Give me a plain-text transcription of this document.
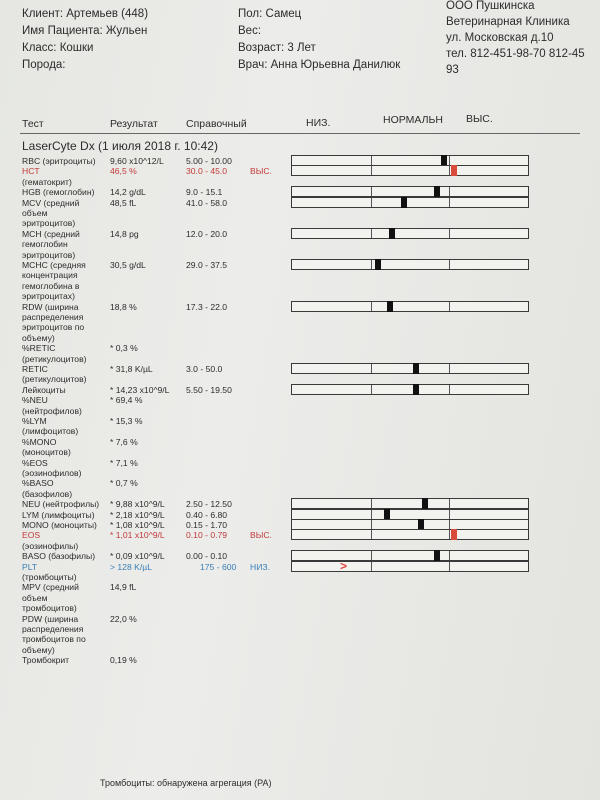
Клиент: Артемьев (448)
Имя Пациента: Жульен
Класс: Кошки
Порода:
Пол: Самец
Вес:
Возраст: 3 Лет
Врач: Анна Юрьевна Данилюк
ООО Пушкинска
Ветеринарная Клиника
ул. Московская д.10
тел. 812-451-98-70 812-45
93
Тест	Результат	Справочный	НИЗ.	НОРМАЛЬН ВЫС.
LaserCyte Dx (1 июля 2018 г. 10:42)
RBC (эритроциты) 9,60 x10^12/L	5.00 - 10.00
HCT	46,5 %	30.0 - 45.0	ВЫС.
(гематокрит)
HGB (гемоглобин) 14,2 g/dL	9.0 - 15.1
MCV (средний	48,5 fL	41.0 - 58.0
объем
эритроцитов)
MCH (средний	14,8 pg	12.0 - 20.0
гемоглобин
эритроцитов)
MCHC (средняя	30,5 g/dL	29.0 - 37.5
концентрация
гемоглобина в
эритроцитах)
RDW (ширина	18,8 %	17.3 - 22.0
распределения
эритроцитов по
объему)
%RETIC	* 0,3 %
(ретикулоцитов)
RETIC	* 31,8 K/µL	3.0 - 50.0
(ретикулоцитов)
Лейкоциты	* 14,23 x10^9/L 5.50 - 19.50
%NEU	* 69,4 %
(нейтрофилов)
%LYM	* 15,3 %
(лимфоцитов)
%MONO	* 7,6 %
(моноцитов)
%EOS	* 7,1 %
(эозинофилов)
%BASO	* 0,7 %
(базофилов)
NEU (нейтрофилы) * 9,88 x10^9/L 2.50 - 12.50
LYM (лимфоциты) * 2,18 x10^9/L 0.40 - 6.80
MONO (моноциты) * 1,08 x10^9/L 0.15 - 1.70
EOS	* 1,01 x10^9/L 0.10 - 0.79	ВЫС.
(эозинофилы)
BASO (базофилы) * 0,09 x10^9/L 0.00 - 0.10
PLT	> 128 K/µL	175 - 600 НИЗ.	>
(тромбоциты)
MPV (средний	14,9 fL
объем
тромбоцитов)
PDW (ширина	22,0 %
распределения
тромбоцитов по
объему)
Тромбокрит	0,19 %
Тромбоциты: обнаружена агрегация (PA)
